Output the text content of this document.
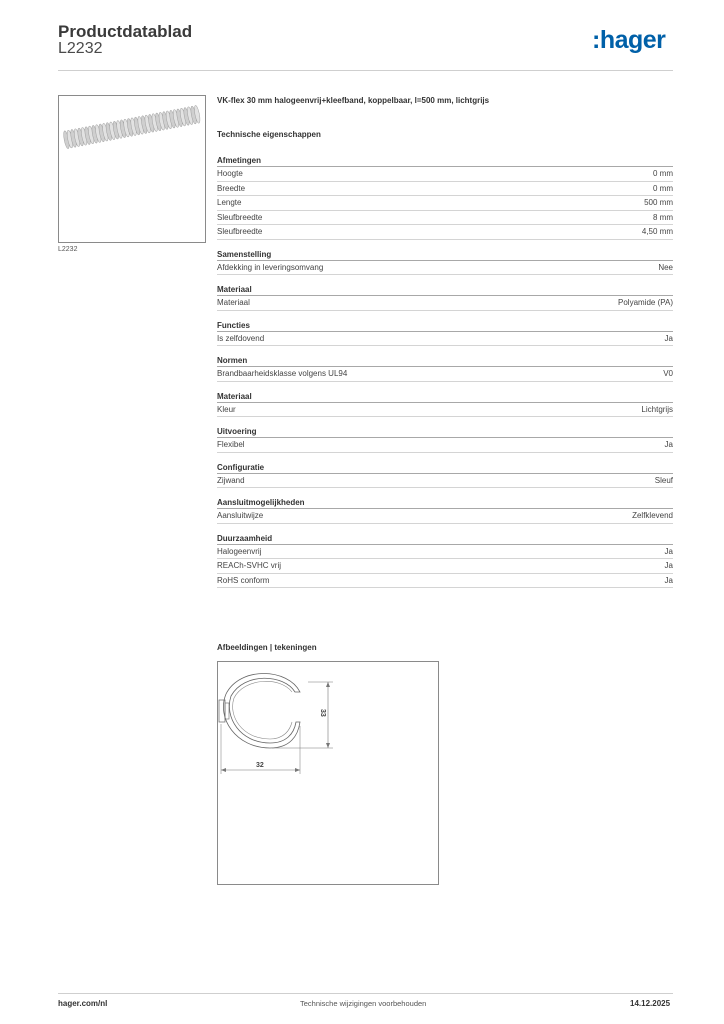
Productdatablad
L2232	:hager
L2232
VK-flex 30 mm halogeenvrij+kleefband, koppelbaar, l=500 mm, lichtgrijs
Technische eigenschappen
Afmetingen
Hoogte	0 mm
Breedte	0 mm
Lengte	500 mm
Sleufbreedte	8 mm
Sleufbreedte	4,50 mm
Samenstelling
Afdekking in leveringsomvang	Nee
Materiaal
Materiaal	Polyamide (PA)
Functies
Is zelfdovend	Ja
Normen
Brandbaarheidsklasse volgens UL94	V0
Materiaal
Kleur	Lichtgrijs
Uitvoering
Flexibel	Ja
Configuratie
Zijwand	Sleuf
Aansluitmogelijkheden
Aansluitwijze	Zelfklevend
Duurzaamheid
Halogeenvrij	Ja
REACh-SVHC vrij	Ja
RoHS conform	Ja
Afbeeldingen | tekeningen
33
32
hager.com/nl	Technische wijzigingen voorbehouden	14.12.2025
